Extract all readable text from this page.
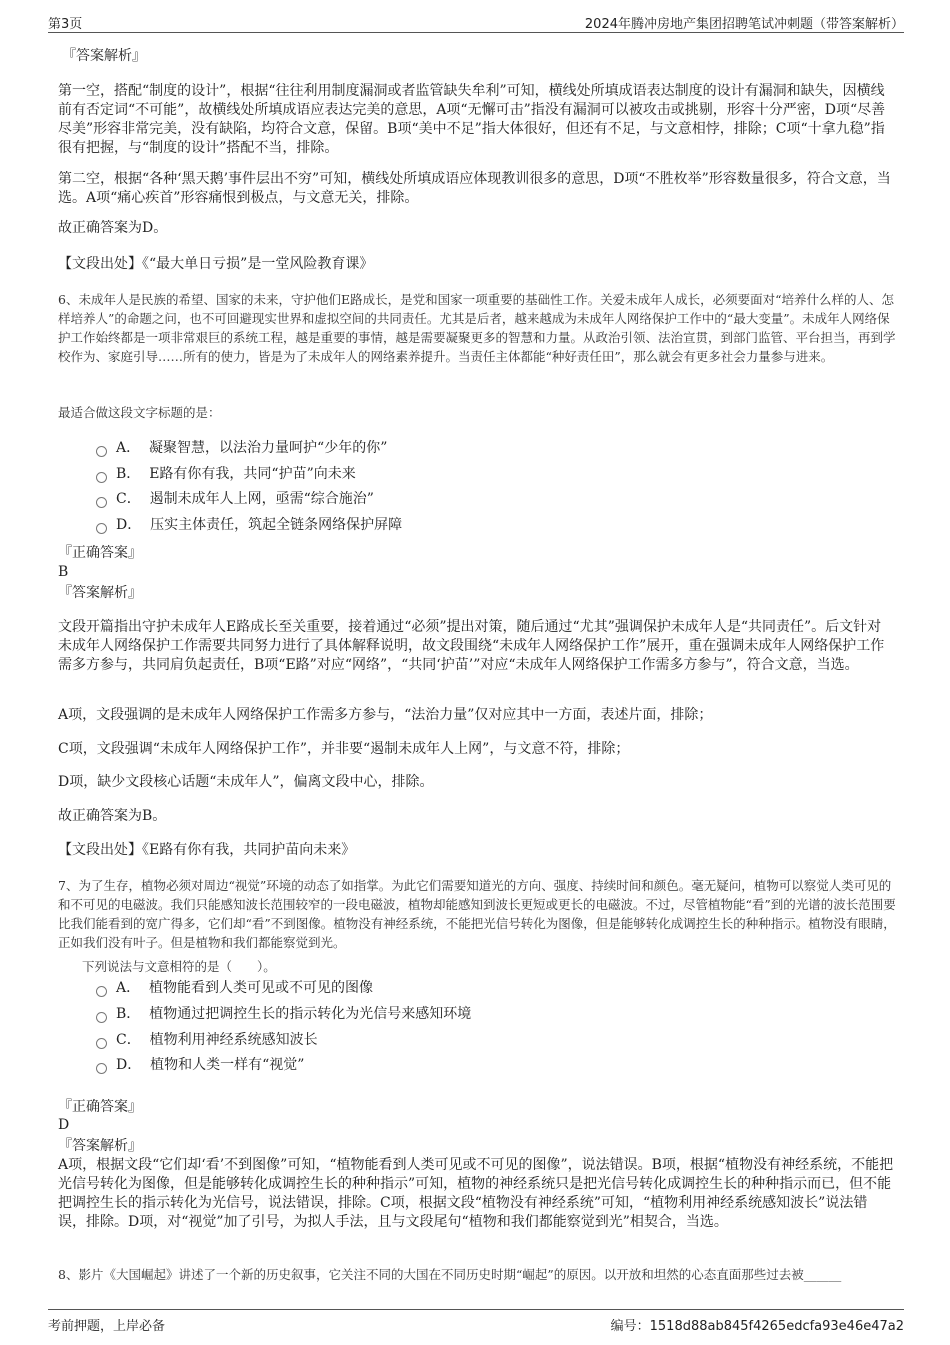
第3页	2024年腾冲房地产集团招聘笔试冲刺题（带答案解析）

『答案解析』

第一空，搭配“制度的设计”，根据“往往利用制度漏洞或者监管缺失牟利”可知，横线处所填成语表达制度的设计有漏洞和缺失，因横线前有否定词“不可能”，故横线处所填成语应表达完美的意思，A项“无懈可击”指没有漏洞可以被攻击或挑剔，形容十分严密，D项“尽善尽美”形容非常完美，没有缺陷，均符合文意，保留。B项“美中不足”指大体很好，但还有不足，与文意相悖，排除；C项“十拿九稳”指很有把握，与“制度的设计”搭配不当，排除。

第二空，根据“各种‘黑天鹅’事件层出不穷”可知，横线处所填成语应体现教训很多的意思，D项“不胜枚举”形容数量很多，符合文意，当选。A项“痛心疾首”形容痛恨到极点，与文意无关，排除。

故正确答案为D。

【文段出处】《“最大单日亏损”是一堂风险教育课》

6、未成年人是民族的希望、国家的未来，守护他们E路成长，是党和国家一项重要的基础性工作。关爱未成年人成长，必须要面对“培养什么样的人、怎样培养人”的命题之问，也不可回避现实世界和虚拟空间的共同责任。尤其是后者，越来越成为未成年人网络保护工作中的“最大变量”。未成年人网络保护工作始终都是一项非常艰巨的系统工程，越是重要的事情，越是需要凝聚更多的智慧和力量。从政治引领、法治宣贯，到部门监管、平台担当，再到学校作为、家庭引导……所有的使力，皆是为了未成年人的网络素养提升。当责任主体都能“种好责任田”，那么就会有更多社会力量参与进来。

最适合做这段文字标题的是：

A． 凝聚智慧，以法治力量呵护“少年的你”
B． E路有你有我，共同“护苗”向未来
C． 遏制未成年人上网，亟需“综合施治”
D． 压实主体责任，筑起全链条网络保护屏障

『正确答案』

B

『答案解析』

文段开篇指出守护未成年人E路成长至关重要，接着通过“必须”提出对策，随后通过“尤其”强调保护未成年人是“共同责任”。后文针对未成年人网络保护工作需要共同努力进行了具体解释说明，故文段围绕“未成年人网络保护工作”展开，重在强调未成年人网络保护工作需多方参与，共同肩负起责任，B项“E路”对应“网络”，“共同‘护苗’”对应“未成年人网络保护工作需多方参与”，符合文意，当选。

A项，文段强调的是未成年人网络保护工作需多方参与，“法治力量”仅对应其中一方面，表述片面，排除；

C项，文段强调“未成年人网络保护工作”，并非要“遏制未成年人上网”，与文意不符，排除；

D项，缺少文段核心话题“未成年人”，偏离文段中心，排除。

故正确答案为B。

【文段出处】《E路有你有我，共同护苗向未来》

7、为了生存，植物必须对周边“视觉”环境的动态了如指掌。为此它们需要知道光的方向、强度、持续时间和颜色。毫无疑问，植物可以察觉人类可见的和不可见的电磁波。我们只能感知波长范围较窄的一段电磁波，植物却能感知到波长更短或更长的电磁波。不过，尽管植物能“看”到的光谱的波长范围要比我们能看到的宽广得多，它们却“看”不到图像。植物没有神经系统，不能把光信号转化为图像，但是能够转化成调控生长的种种指示。植物没有眼睛，正如我们没有叶子。但是植物和我们都能察觉到光。

下列说法与文意相符的是（　　）。

A． 植物能看到人类可见或不可见的图像
B． 植物通过把调控生长的指示转化为光信号来感知环境
C． 植物利用神经系统感知波长
D． 植物和人类一样有“视觉”

『正确答案』

D

『答案解析』

A项，根据文段“它们却‘看’不到图像”可知，“植物能看到人类可见或不可见的图像”，说法错误。B项，根据“植物没有神经系统，不能把光信号转化为图像，但是能够转化成调控生长的种种指示”可知，植物的神经系统只是把光信号转化成调控生长的种种指示而已，但不能把调控生长的指示转化为光信号，说法错误，排除。C项，根据文段“植物没有神经系统”可知，“植物利用神经系统感知波长”说法错误，排除。D项，对“视觉”加了引号，为拟人手法，且与文段尾句“植物和我们都能察觉到光”相契合，当选。

8、影片《大国崛起》讲述了一个新的历史叙事，它关注不同的大国在不同历史时期“崛起”的原因。以开放和坦然的心态直面那些过去被______

考前押题，上岸必备	编号：1518d88ab845f4265edcfa93e46e47a2
